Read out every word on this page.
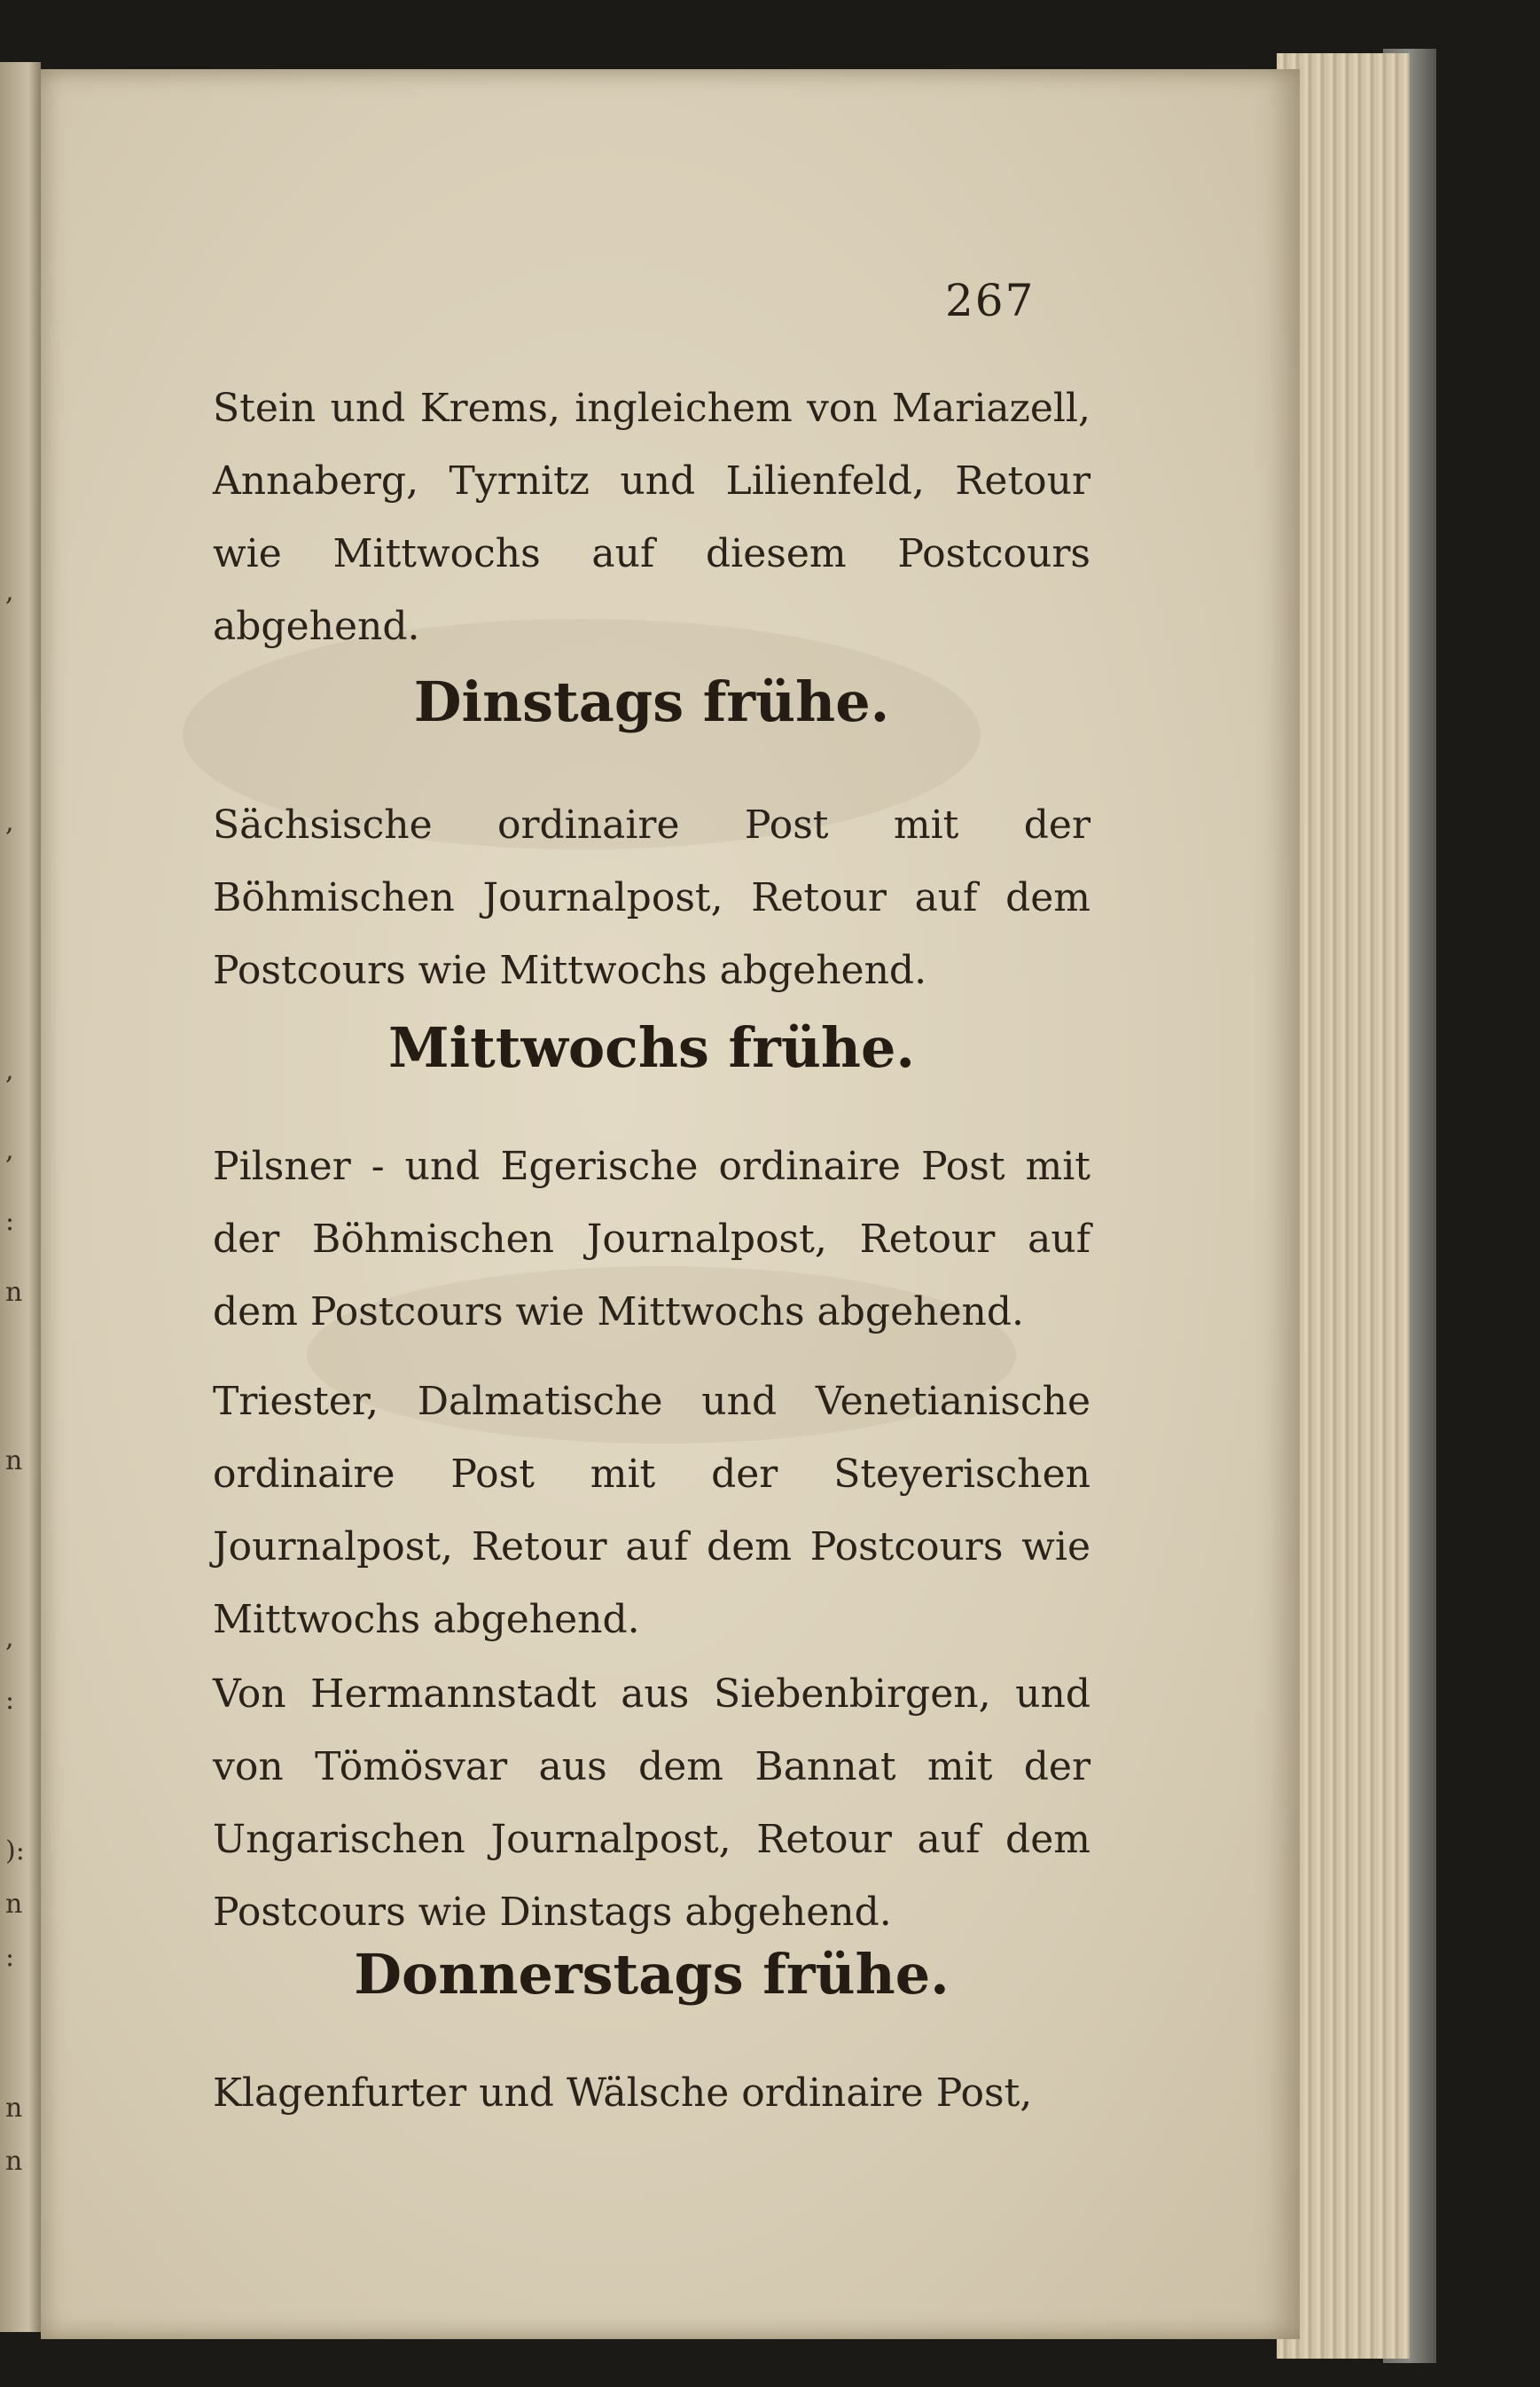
,
,
,
,
:
n
n
,
:
):
n
:
n
n
267
Stein und Krems, ingleichem von Mariazell, Annaberg, Tyrnitz und Lilienfeld, Retour wie Mittwochs auf diesem Postcours abgehend.
Dinstags frühe.
Sächsische ordinaire Post mit der Böhmischen Journalpost, Retour auf dem Postcours wie Mittwochs abgehend.
Mittwochs frühe.
Pilsner - und Egerische ordinaire Post mit der Böhmischen Journalpost, Retour auf dem Postcours wie Mittwochs abgehend.
Triester, Dalmatische und Venetianische ordinaire Post mit der Steyerischen Journalpost, Retour auf dem Postcours wie Mittwochs abgehend.
Von Hermannstadt aus Siebenbirgen, und von Tömösvar aus dem Bannat mit der Ungarischen Journalpost, Retour auf dem Postcours wie Dinstags abgehend.
Donnerstags frühe.
Klagenfurter und Wälsche ordinaire Post,
